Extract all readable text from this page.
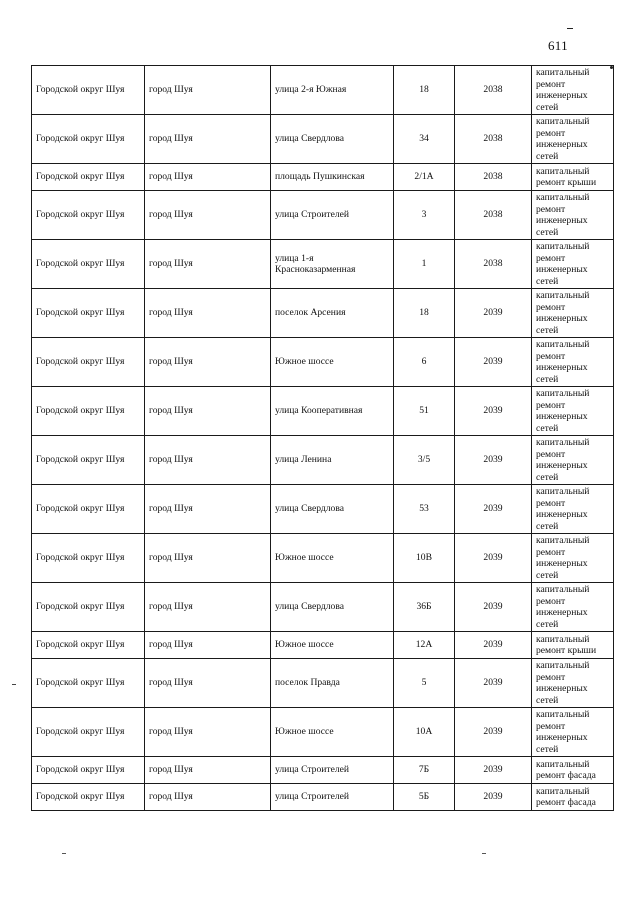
611
Городской округ Шуя	город Шуя	улица 2-я Южная	18	2038	капитальный ремонт инженерных сетей
Городской округ Шуя	город Шуя	улица Свердлова	34	2038	капитальный ремонт инженерных сетей
Городской округ Шуя	город Шуя	площадь Пушкинская	2/1А	2038	капитальный ремонт крыши
Городской округ Шуя	город Шуя	улица Строителей	3	2038	капитальный ремонт инженерных сетей
Городской округ Шуя	город Шуя	улица 1-я Красноказарменная	1	2038	капитальный ремонт инженерных сетей
Городской округ Шуя	город Шуя	поселок Арсения	18	2039	капитальный ремонт инженерных сетей
Городской округ Шуя	город Шуя	Южное шоссе	6	2039	капитальный ремонт инженерных сетей
Городской округ Шуя	город Шуя	улица Кооперативная	51	2039	капитальный ремонт инженерных сетей
Городской округ Шуя	город Шуя	улица Ленина	3/5	2039	капитальный ремонт инженерных сетей
Городской округ Шуя	город Шуя	улица Свердлова	53	2039	капитальный ремонт инженерных сетей
Городской округ Шуя	город Шуя	Южное шоссе	10В	2039	капитальный ремонт инженерных сетей
Городской округ Шуя	город Шуя	улица Свердлова	36Б	2039	капитальный ремонт инженерных сетей
Городской округ Шуя	город Шуя	Южное шоссе	12А	2039	капитальный ремонт крыши
Городской округ Шуя	город Шуя	поселок Правда	5	2039	капитальный ремонт инженерных сетей
Городской округ Шуя	город Шуя	Южное шоссе	10А	2039	капитальный ремонт инженерных сетей
Городской округ Шуя	город Шуя	улица Строителей	7Б	2039	капитальный ремонт фасада
Городской округ Шуя	город Шуя	улица Строителей	5Б	2039	капитальный ремонт фасада
